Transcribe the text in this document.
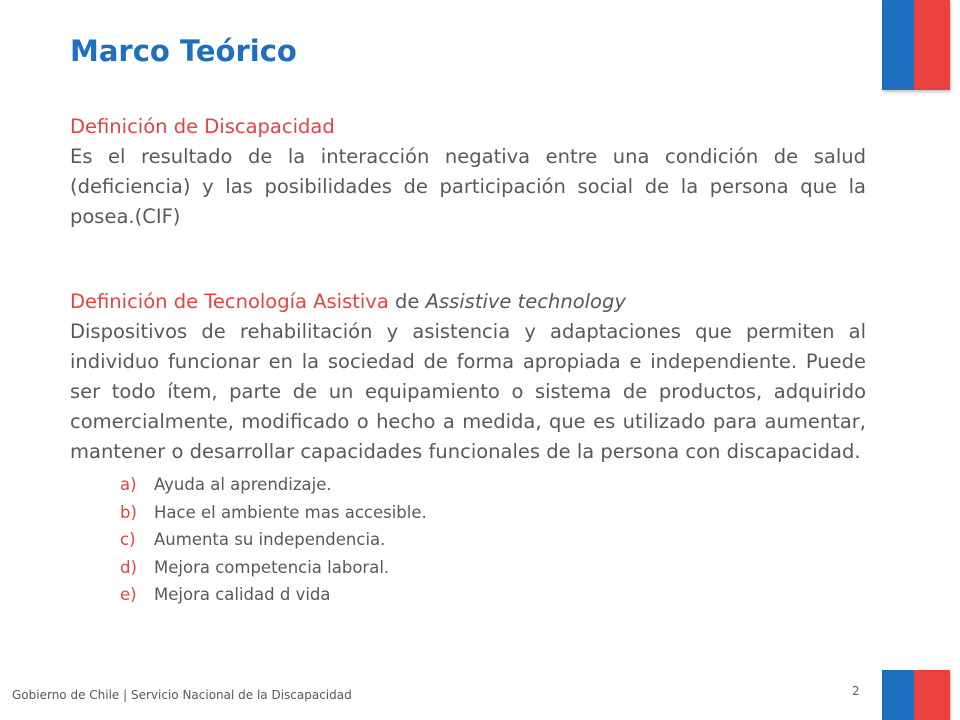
Marco Teórico
Definición de Discapacidad

Es el resultado de la interacción negativa entre una condición de salud (deficiencia) y las posibilidades de participación social de la persona que la posea.(CIF)

Definición de Tecnología Asistiva de Assistive technology

Dispositivos de rehabilitación y asistencia y adaptaciones que permiten al individuo funcionar en la sociedad de forma apropiada e independiente. Puede ser todo ítem, parte de un equipamiento o sistema de productos, adquirido comercialmente, modificado o hecho a medida, que es utilizado para aumentar, mantener o desarrollar capacidades funcionales de la persona con discapacidad.

a) Ayuda al aprendizaje.
b) Hace el ambiente mas accesible.
c) Aumenta su independencia.
d) Mejora competencia laboral.
e) Mejora calidad d vida
Gobierno de Chile | Servicio Nacional de la Discapacidad	2
